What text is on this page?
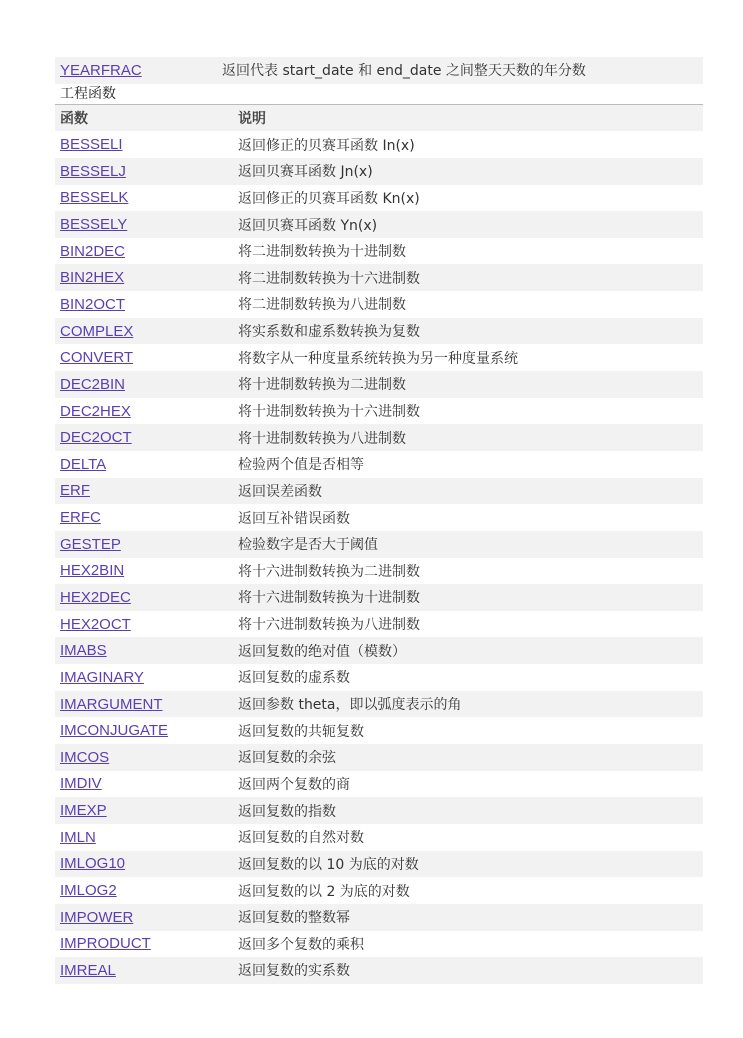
YEARFRAC	返回代表 start_date 和 end_date 之间整天天数的年分数
工程函数
函数	说明
BESSELI	返回修正的贝赛耳函数 In(x)
BESSELJ	返回贝赛耳函数 Jn(x)
BESSELK	返回修正的贝赛耳函数 Kn(x)
BESSELY	返回贝赛耳函数 Yn(x)
BIN2DEC	将二进制数转换为十进制数
BIN2HEX	将二进制数转换为十六进制数
BIN2OCT	将二进制数转换为八进制数
COMPLEX	将实系数和虚系数转换为复数
CONVERT	将数字从一种度量系统转换为另一种度量系统
DEC2BIN	将十进制数转换为二进制数
DEC2HEX	将十进制数转换为十六进制数
DEC2OCT	将十进制数转换为八进制数
DELTA	检验两个值是否相等
ERF	返回误差函数
ERFC	返回互补错误函数
GESTEP	检验数字是否大于阈值
HEX2BIN	将十六进制数转换为二进制数
HEX2DEC	将十六进制数转换为十进制数
HEX2OCT	将十六进制数转换为八进制数
IMABS	返回复数的绝对值（模数）
IMAGINARY	返回复数的虚系数
IMARGUMENT	返回参数 theta，即以弧度表示的角
IMCONJUGATE	返回复数的共轭复数
IMCOS	返回复数的余弦
IMDIV	返回两个复数的商
IMEXP	返回复数的指数
IMLN	返回复数的自然对数
IMLOG10	返回复数的以 10 为底的对数
IMLOG2	返回复数的以 2 为底的对数
IMPOWER	返回复数的整数幂
IMPRODUCT	返回多个复数的乘积
IMREAL	返回复数的实系数
